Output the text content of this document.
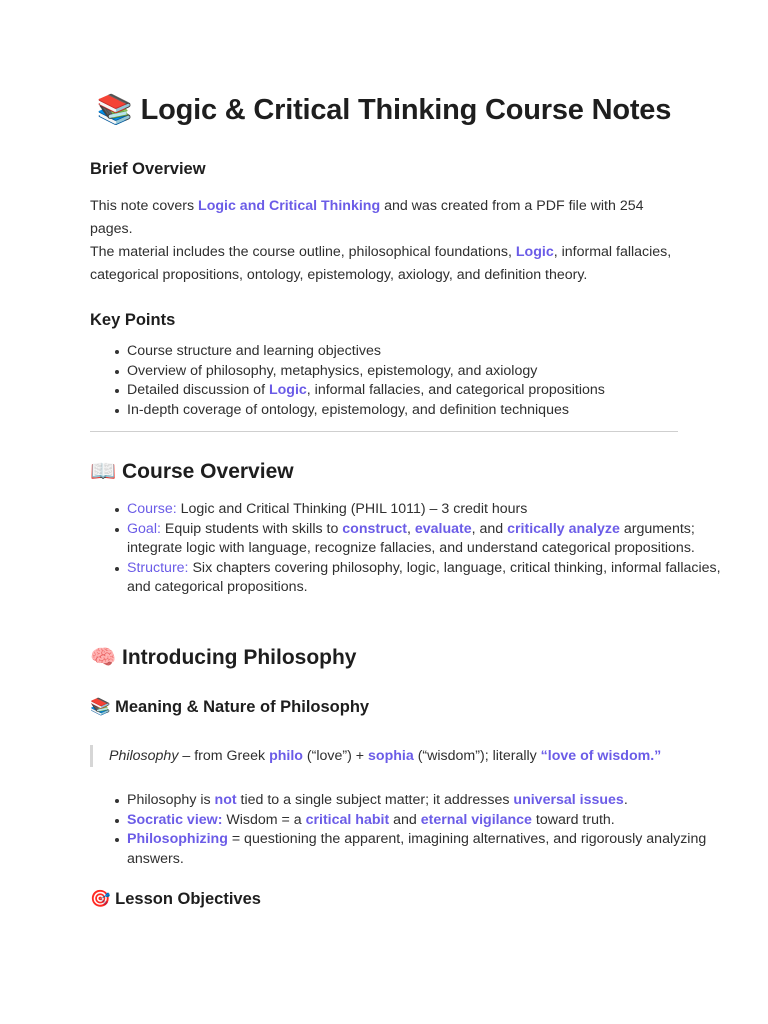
📚 Logic & Critical Thinking Course Notes
Brief Overview
This note covers Logic and Critical Thinking and was created from a PDF file with 254 pages.
The material includes the course outline, philosophical foundations, Logic, informal fallacies, categorical propositions, ontology, epistemology, axiology, and definition theory.
Key Points
Course structure and learning objectives
Overview of philosophy, metaphysics, epistemology, and axiology
Detailed discussion of Logic, informal fallacies, and categorical propositions
In-depth coverage of ontology, epistemology, and definition techniques
📖 Course Overview
Course: Logic and Critical Thinking (PHIL 1011) – 3 credit hours
Goal: Equip students with skills to construct, evaluate, and critically analyze arguments; integrate logic with language, recognize fallacies, and understand categorical propositions.
Structure: Six chapters covering philosophy, logic, language, critical thinking, informal fallacies, and categorical propositions.
🧠 Introducing Philosophy
📚 Meaning & Nature of Philosophy
Philosophy – from Greek philo (“love”) + sophia (“wisdom”); literally “love of wisdom.”
Philosophy is not tied to a single subject matter; it addresses universal issues.
Socratic view: Wisdom = a critical habit and eternal vigilance toward truth.
Philosophizing = questioning the apparent, imagining alternatives, and rigorously analyzing answers.
🎯 Lesson Objectives
